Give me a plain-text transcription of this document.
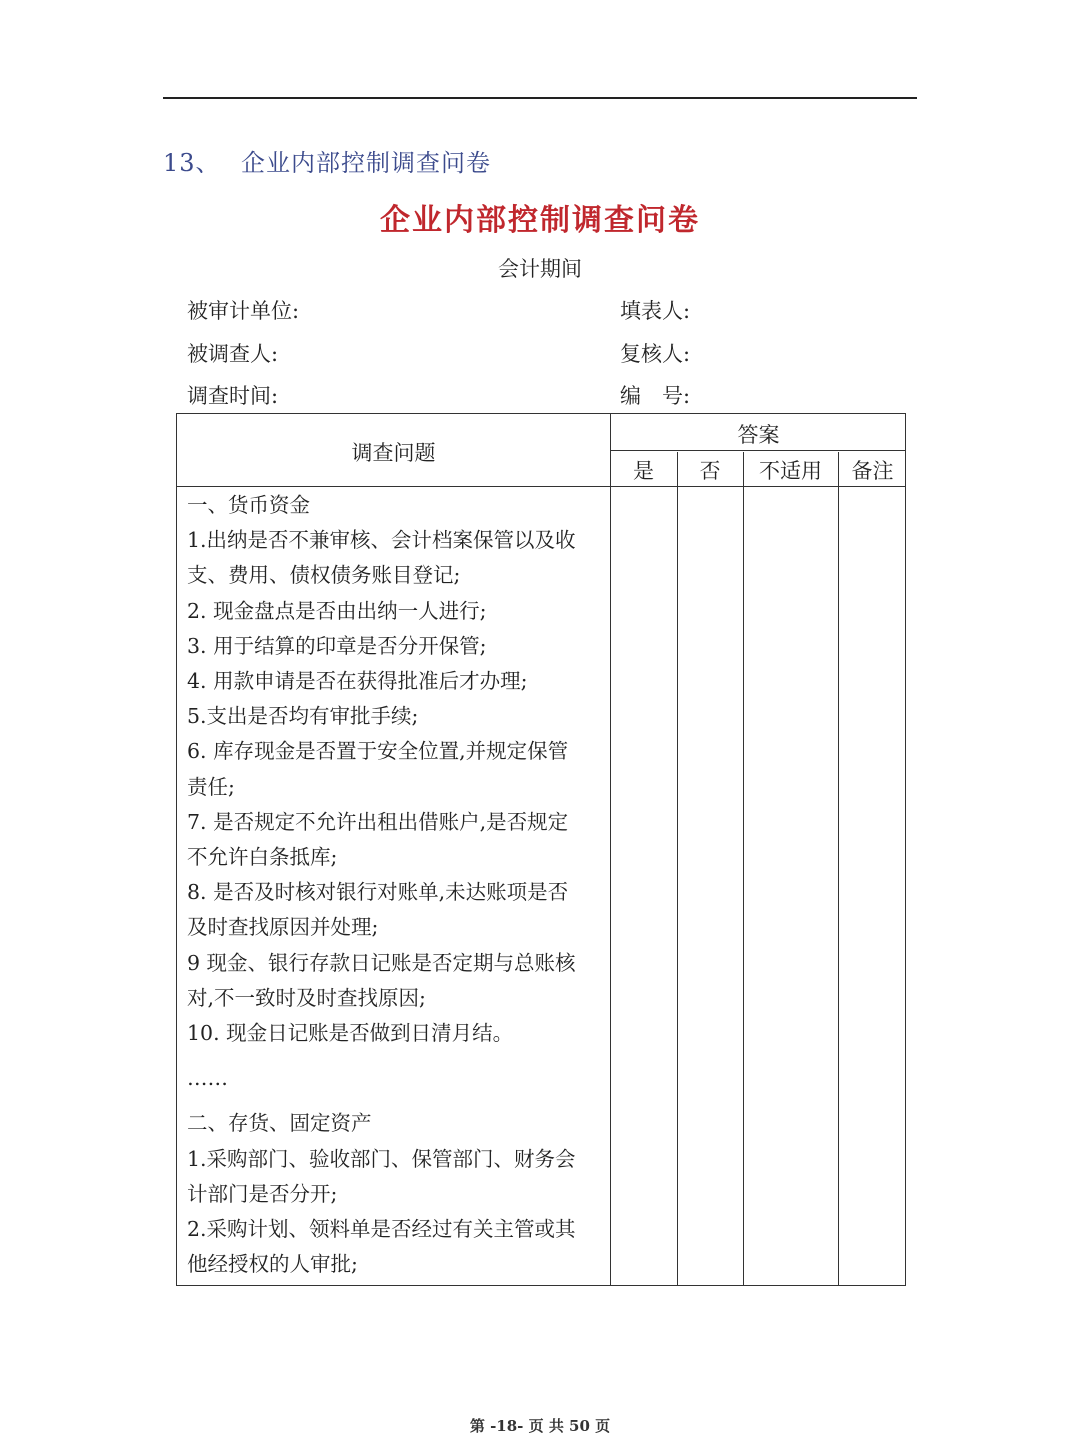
13、 企业内部控制调查问卷
企业内部控制调查问卷
会计期间
被审计单位:	填表人:
被调查人:	复核人:
调查时间:	编　号:
调查问题
答案
是	否	不适用	备注
一、货币资金
1.出纳是否不兼审核、会计档案保管以及收
支、费用、债权债务账目登记;
2. 现金盘点是否由出纳一人进行;
3. 用于结算的印章是否分开保管;
4. 用款申请是否在获得批准后才办理;
5.支出是否均有审批手续;
6. 库存现金是否置于安全位置,并规定保管
责任;
7. 是否规定不允许出租出借账户,是否规定
不允许白条抵库;
8. 是否及时核对银行对账单,未达账项是否
及时查找原因并处理;
9 现金、银行存款日记账是否定期与总账核
对,不一致时及时查找原因;
10. 现金日记账是否做到日清月结。
……
二、存货、固定资产
1.采购部门、验收部门、保管部门、财务会
计部门是否分开;
2.采购计划、领料单是否经过有关主管或其
他经授权的人审批;
第 -18- 页 共 50 页
